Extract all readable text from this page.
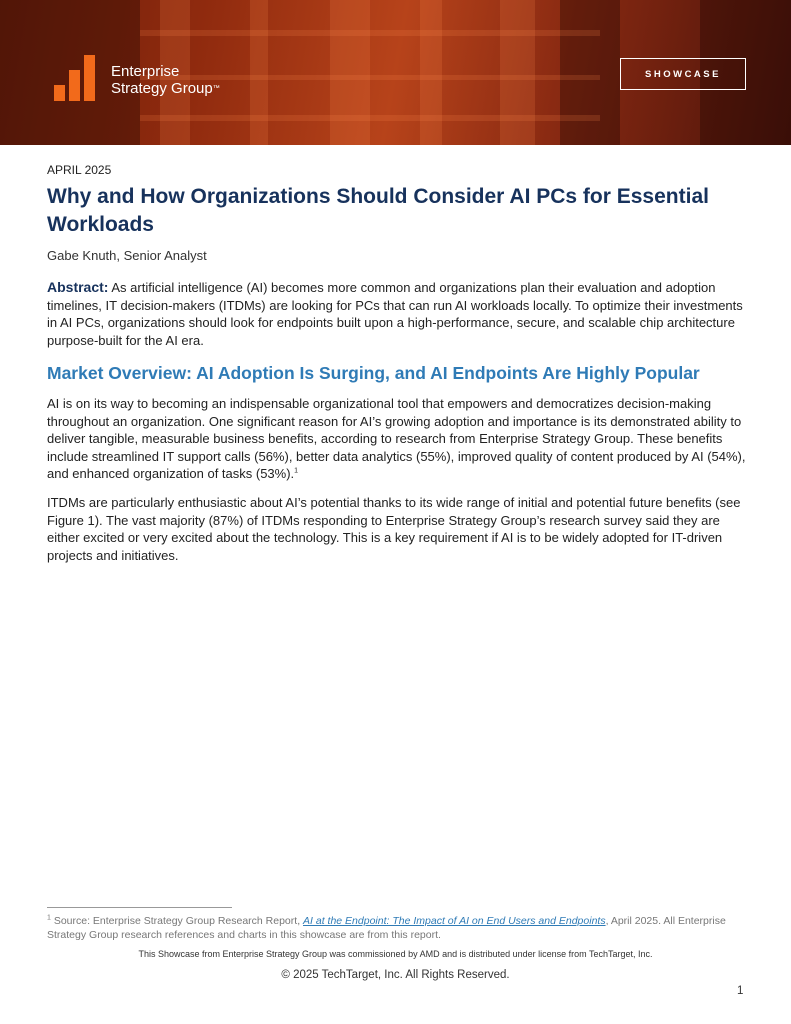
Enterprise
Strategy Group™
SHOWCASE
APRIL 2025
Why and How Organizations Should Consider AI PCs for Essential Workloads
Gabe Knuth, Senior Analyst

Abstract: As artificial intelligence (AI) becomes more common and organizations plan their evaluation and adoption timelines, IT decision-makers (ITDMs) are looking for PCs that can run AI workloads locally. To optimize their investments in AI PCs, organizations should look for endpoints built upon a high-performance, secure, and scalable chip architecture purpose-built for the AI era.

Market Overview: AI Adoption Is Surging, and AI Endpoints Are Highly Popular

AI is on its way to becoming an indispensable organizational tool that empowers and democratizes decision-making throughout an organization. One significant reason for AI’s growing adoption and importance is its demonstrated ability to deliver tangible, measurable business benefits, according to research from Enterprise Strategy Group. These benefits include streamlined IT support calls (56%), better data analytics (55%), improved quality of content produced by AI (54%), and enhanced organization of tasks (53%).$^1$

ITDMs are particularly enthusiastic about AI’s potential thanks to its wide range of initial and potential future benefits (see Figure 1). The vast majority (87%) of ITDMs responding to Enterprise Strategy Group’s research survey said they are either excited or very excited about the technology. This is a key requirement if AI is to be widely adopted for IT-driven projects and initiatives.

$^1$ Source: Enterprise Strategy Group Research Report, AI at the Endpoint: The Impact of AI on End Users and Endpoints, April 2025. All Enterprise Strategy Group research references and charts in this showcase are from this report.

This Showcase from Enterprise Strategy Group was commissioned by AMD and is distributed under license from TechTarget, Inc.
© 2025 TechTarget, Inc. All Rights Reserved.
1
